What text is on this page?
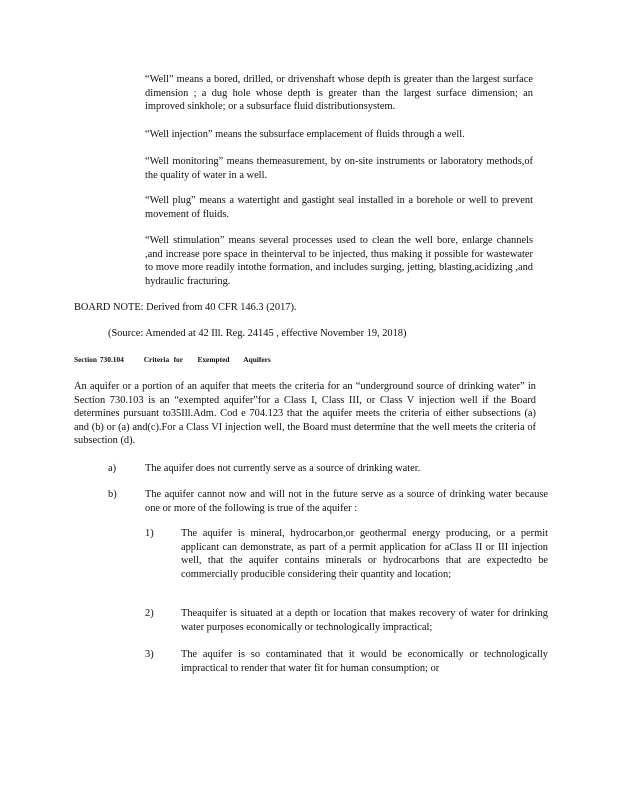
“Well” means a bored, drilled, or drivenshaft whose depth is greater than the largest surface dimension ; a dug hole whose depth is greater than the largest surface dimension; an improved sinkhole; or a subsurface fluid distributionsystem.

“Well injection” means the subsurface emplacement of fluids through a well.

“Well monitoring” means themeasurement, by on-site instruments or laboratory methods,of the quality of water in a well.

“Well plug” means a watertight and gastight seal installed in a borehole or well to prevent movement of fluids.

“Well stimulation” means several processes used to clean the well bore, enlarge channels ,and increase pore space in theinterval to be injected, thus making it possible for wastewater to move more readily intothe formation, and includes surging, jetting, blasting,acidizing ,and hydraulic fracturing.

BOARD NOTE: Derived from 40 CFR 146.3 (2017).

(Source: Amended at 42 Ill. Reg. 24145 , effective November 19, 2018)

Section 730.104	Criteria for Exempted Aquifers

An aquifer or a portion of an aquifer that meets the criteria for an “underground source of drinking water” in Section 730.103 is an “exempted aquifer”for a Class I, Class III, or Class V injection well if the Board determines pursuant to35Ill.Adm. Cod e 704.123 that the aquifer meets the criteria of either subsections (a) and (b) or (a) and(c).For a Class VI injection well, the Board must determine that the well meets the criteria of subsection (d).

a)	The aquifer does not currently serve as a source of drinking water.

b)	The aquifer cannot now and will not in the future serve as a source of drinking water because one or more of the following is true of the aquifer :

1)	The aquifer is mineral, hydrocarbon,or geothermal energy producing, or a permit applicant can demonstrate, as part of a permit application for aClass II or III injection well, that the aquifer contains minerals or hydrocarbons that are expectedto be commercially producible considering their quantity and location;

2)	Theaquifer is situated at a depth or location that makes recovery of water for drinking water purposes economically or technologically impractical;

3)	The aquifer is so contaminated that it would be economically or technologically impractical to render that water fit for human consumption; or
